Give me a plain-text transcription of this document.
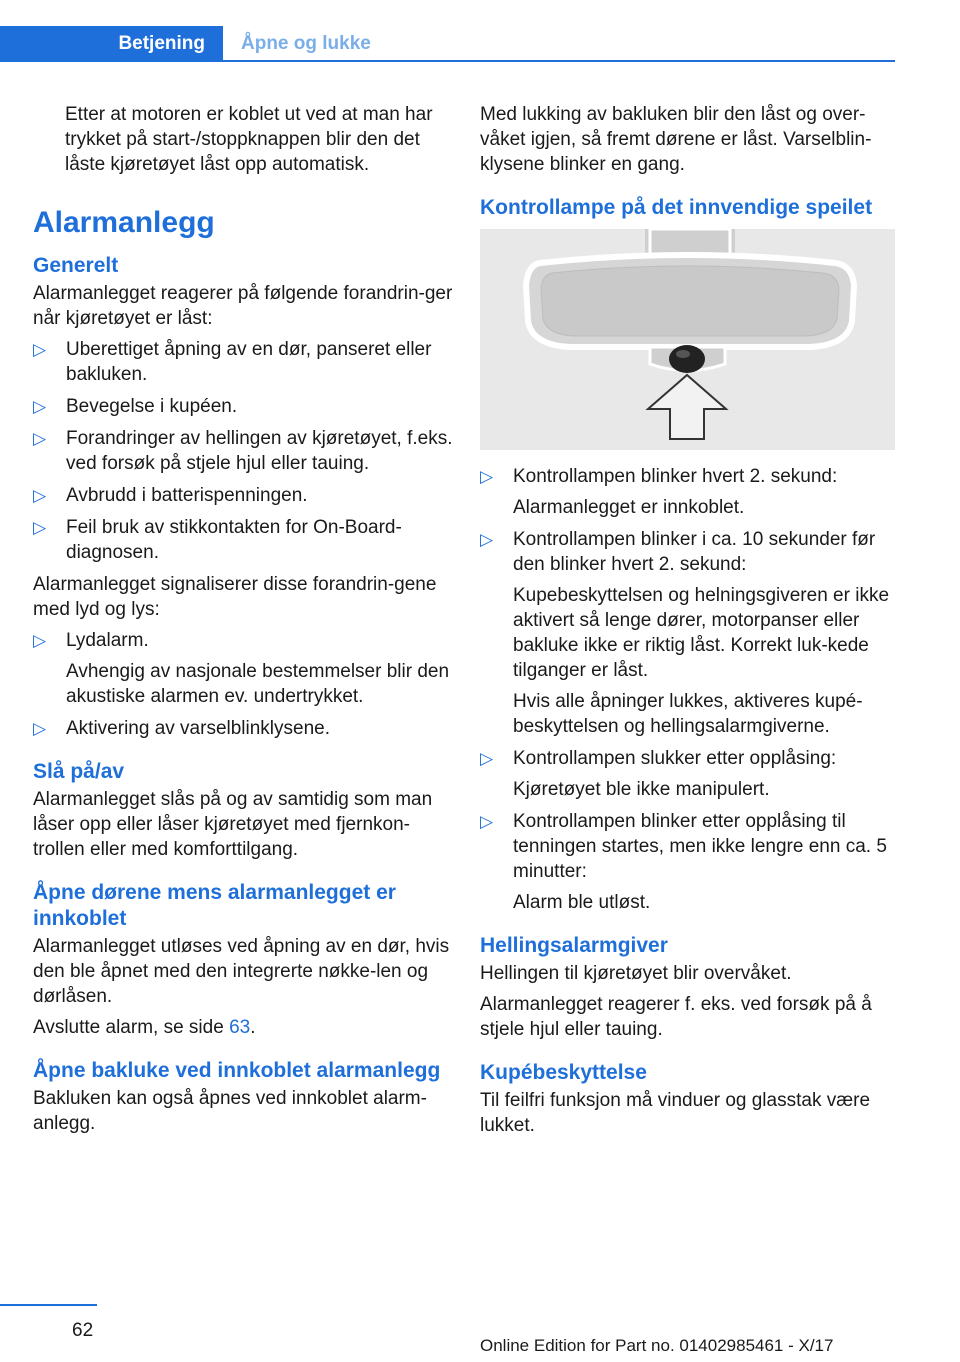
Betjening	Åpne og lukke

Etter at motoren er koblet ut ved at man har trykket på start-/stoppknappen blir den det låste kjøretøyet låst opp automatisk.

Alarmanlegg
Generelt

Alarmanlegget reagerer på følgende forandrin-ger når kjøretøyet er låst:

▷ Uberettiget åpning av en dør, panseret eller bakluken.
▷ Bevegelse i kupéen.
▷ Forandringer av hellingen av kjøretøyet, f.eks. ved forsøk på stjele hjul eller tauing.
▷ Avbrudd i batterispenningen.
▷ Feil bruk av stikkontakten for On-Board-diagnosen.

Alarmanlegget signaliserer disse forandrin-gene med lyd og lys:

▷ Lydalarm.
Avhengig av nasjonale bestemmelser blir den akustiske alarmen ev. undertrykket.
▷ Aktivering av varselblinklysene.
Slå på/av

Alarmanlegget slås på og av samtidig som man låser opp eller låser kjøretøyet med fjernkon-trollen eller med komforttilgang.

Åpne dørene mens alarmanlegget er innkoblet

Alarmanlegget utløses ved åpning av en dør, hvis den ble åpnet med den integrerte nøkke-len og dørlåsen.

Avslutte alarm, se side 63.

Åpne bakluke ved innkoblet alarmanlegg

Bakluken kan også åpnes ved innkoblet alarm-anlegg.

Med lukking av bakluken blir den låst og over-våket igjen, så fremt dørene er låst. Varselblin-klysene blinker en gang.

Kontrollampe på det innvendige speilet
▷ Kontrollampen blinker hvert 2. sekund:
Alarmanlegget er innkoblet.
▷ Kontrollampen blinker i ca. 10 sekunder før den blinker hvert 2. sekund:
Kupebeskyttelsen og helningsgiveren er ikke aktivert så lenge dører, motorpanser eller bakluke ikke er riktig låst. Korrekt luk-kede tilganger er låst.
Hvis alle åpninger lukkes, aktiveres kupé-beskyttelsen og hellingsalarmgiverne.
▷ Kontrollampen slukker etter opplåsing:
Kjøretøyet ble ikke manipulert.
▷ Kontrollampen blinker etter opplåsing til tenningen startes, men ikke lengre enn ca. 5 minutter:
Alarm ble utløst.
Hellingsalarmgiver

Hellingen til kjøretøyet blir overvåket.

Alarmanlegget reagerer f. eks. ved forsøk på å stjele hjul eller tauing.

Kupébeskyttelse

Til feilfri funksjon må vinduer og glasstak være lukket.

62
Online Edition for Part no. 01402985461 - X/17
